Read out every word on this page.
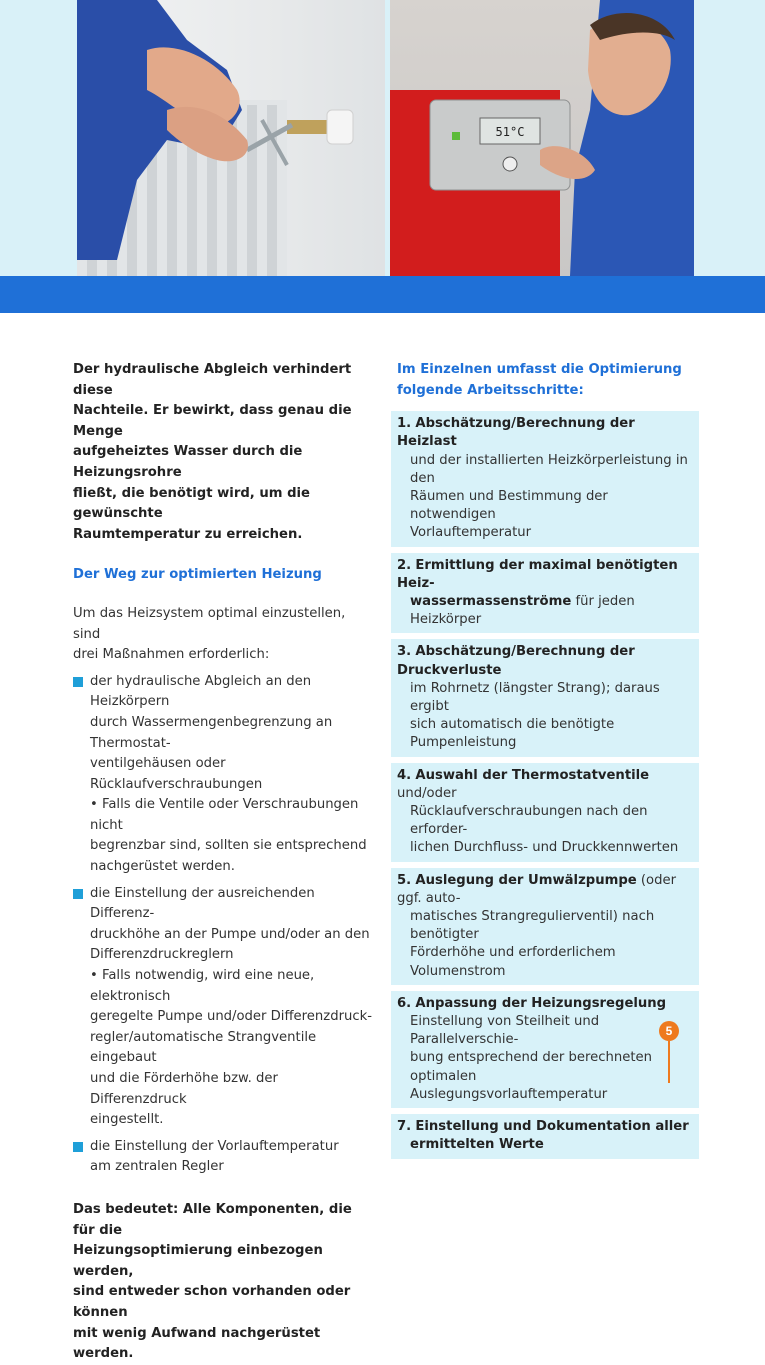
51°C
Der hydraulische Abgleich verhindert diese
Nachteile. Er bewirkt, dass genau die Menge
aufgeheiztes Wasser durch die Heizungsrohre
fließt, die benötigt wird, um die gewünschte
Raumtemperatur zu erreichen.
Der Weg zur optimierten Heizung
Um das Heizsystem optimal einzustellen, sind
drei Maßnahmen erforderlich:
der hydraulische Abgleich an den Heizkörpern
durch Wassermengenbegrenzung an Thermostat-
ventilgehäusen oder Rücklaufverschraubungen
• Falls die Ventile oder Verschraubungen nicht
begrenzbar sind, sollten sie entsprechend
nachgerüstet werden.
die Einstellung der ausreichenden Differenz-
druckhöhe an der Pumpe und/oder an den
Differenzdruckreglern
• Falls notwendig, wird eine neue, elektronisch
geregelte Pumpe und/oder Differenzdruck-
regler/automatische Strangventile eingebaut
und die Förderhöhe bzw. der Differenzdruck
eingestellt.
die Einstellung der Vorlauftemperatur
am zentralen Regler
Das bedeutet: Alle Komponenten, die für die
Heizungsoptimierung einbezogen werden,
sind entweder schon vorhanden oder können
mit wenig Aufwand nachgerüstet werden.
Im Einzelnen umfasst die Optimierung
folgende Arbeitsschritte:
1. Abschätzung/Berechnung der Heizlast
und der installierten Heizkörperleistung in den
Räumen und Bestimmung der notwendigen
Vorlauftemperatur
2. Ermittlung der maximal benötigten Heiz-
wassermassenströme für jeden Heizkörper
3. Abschätzung/Berechnung der Druckverluste
im Rohrnetz (längster Strang); daraus ergibt
sich automatisch die benötigte Pumpenleistung
4. Auswahl der Thermostatventile und/oder
Rücklaufverschraubungen nach den erforder-
lichen Durchfluss- und Druckkennwerten
5. Auslegung der Umwälzpumpe (oder ggf. auto-
matisches Strangregulierventil) nach benötigter
Förderhöhe und erforderlichem Volumenstrom
6. Anpassung der Heizungsregelung
Einstellung von Steilheit und Parallelverschie-
bung entsprechend der berechneten optimalen
Auslegungsvorlauftemperatur
7. Einstellung und Dokumentation aller
ermittelten Werte
5
